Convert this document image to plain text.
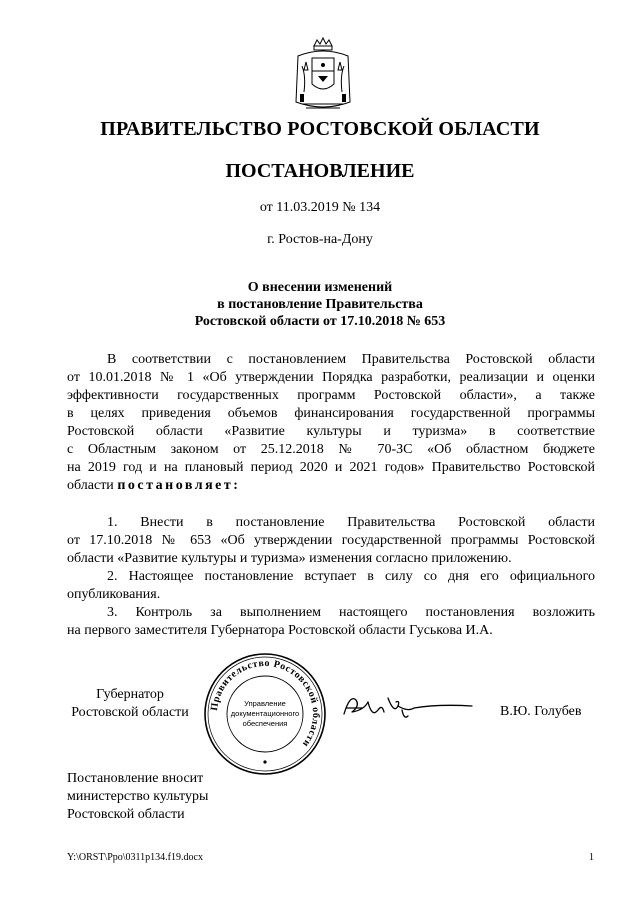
ПРАВИТЕЛЬСТВО РОСТОВСКОЙ ОБЛАСТИ
ПОСТАНОВЛЕНИЕ
от 11.03.2019 № 134
г. Ростов-на-Дону
О внесении изменений
в постановление Правительства
Ростовской области от 17.10.2018 № 653
В соответствии с постановлением Правительства Ростовской области
от 10.01.2018 № 1 «Об утверждении Порядка разработки, реализации и оценки
эффективности государственных программ Ростовской области», а также
в целях приведения объемов финансирования государственной программы
Ростовской области «Развитие культуры и туризма» в соответствие
с Областным законом от 25.12.2018 № 70-ЗС «Об областном бюджете
на 2019 год и на плановый период 2020 и 2021 годов» Правительство Ростовской
области постановляет:
1. Внести в постановление Правительства Ростовской области
от 17.10.2018 № 653 «Об утверждении государственной программы Ростовской
области «Развитие культуры и туризма» изменения согласно приложению.
2. Настоящее постановление вступает в силу со дня его официального
опубликования.
3. Контроль за выполнением настоящего постановления возложить
на первого заместителя Губернатора Ростовской области Гуськова И.А.
Губернатор
Ростовской области	Правительство Ростовской области
Управление
документационного
обеспечения
В.Ю. Голубев
Постановление вносит
министерство культуры
Ростовской области
Y:\ORST\Ppo\0311p134.f19.docx	1
